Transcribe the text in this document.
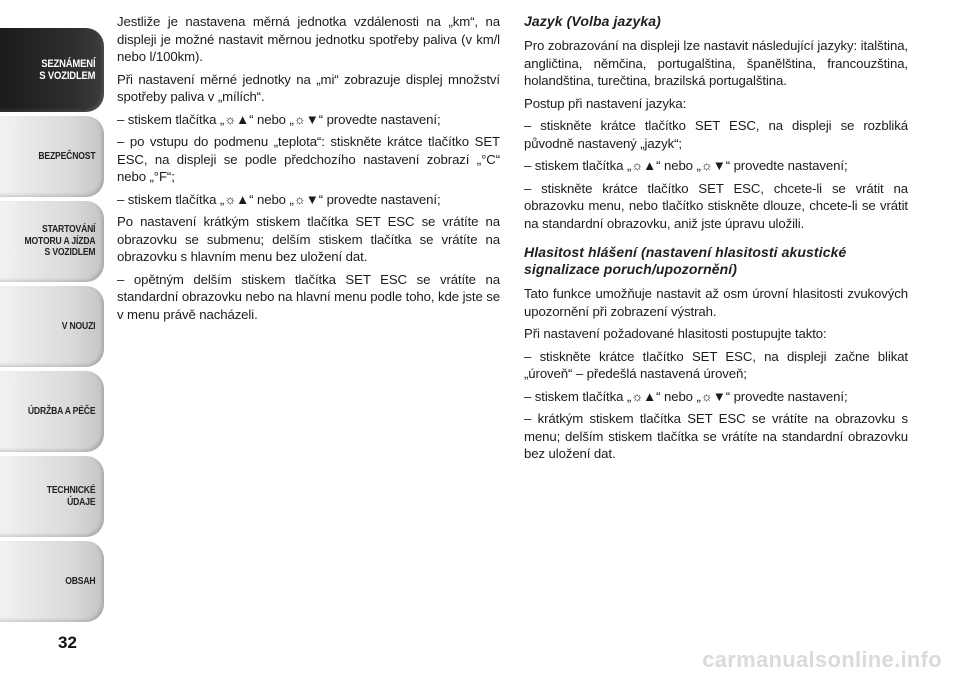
SEZNÁMENÍ
S VOZIDLEM
BEZPEČNOST
STARTOVÁNÍ
MOTORU A JÍZDA
S VOZIDLEM
V NOUZI
ÚDRŽBA A PÉČE
TECHNICKÉ
ÚDAJE
OBSAH
32

Jestliže je nastavena měrná jednotka vzdálenosti na „km“, na displeji je možné nastavit měrnou jednotku spotřeby paliva (v km/l nebo l/100km).

Při nastavení měrné jednotky na „mi“ zobrazuje displej množství spotřeby paliva v „mílích“.

– stiskem tlačítka „☼▲“ nebo „☼▼“ provedte nastavení;

– po vstupu do podmenu „teplota“: stiskněte krátce tlačítko SET ESC, na displeji se podle předchozího nastavení zobrazí „°C“ nebo „°F“;

– stiskem tlačítka „☼▲“ nebo „☼▼“ provedte nastavení;

Po nastavení krátkým stiskem tlačítka SET ESC se vrátíte na obrazovku se submenu; delším stiskem tlačítka se vrátíte na obrazovku s hlavním menu bez uložení dat.

– opětným delším stiskem tlačítka SET ESC se vrátíte na standardní obrazovku nebo na hlavní menu podle toho, kde jste se v menu právě nacházeli.

Jazyk (Volba jazyka)

Pro zobrazování na displeji lze nastavit následující jazyky: italština, angličtina, němčina, portugalština, španělština, francouzština, holandština, turečtina, brazilská portugalština.

Postup při nastavení jazyka:

– stiskněte krátce tlačítko SET ESC, na displeji se rozbliká původně nastavený „jazyk“;

– stiskem tlačítka „☼▲“ nebo „☼▼“ provedte nastavení;

– stiskněte krátce tlačítko SET ESC, chcete-li se vrátit na obrazovku menu, nebo tlačítko stiskněte dlouze, chcete-li se vrátit na standardní obrazovku, aniž jste úpravu uložili.

Hlasitost hlášení (nastavení hlasitosti akustické signalizace poruch/upozornění)

Tato funkce umožňuje nastavit až osm úrovní hlasitosti zvukových upozornění při zobrazení výstrah.

Při nastavení požadované hlasitosti postupujte takto:

– stiskněte krátce tlačítko SET ESC, na displeji začne blikat „úroveň“ – předešlá nastavená úroveň;

– stiskem tlačítka „☼▲“ nebo „☼▼“ provedte nastavení;

– krátkým stiskem tlačítka SET ESC se vrátíte na obrazovku s menu; delším stiskem tlačítka se vrátíte na standardní obrazovku bez uložení dat.

carmanualsonline.info
